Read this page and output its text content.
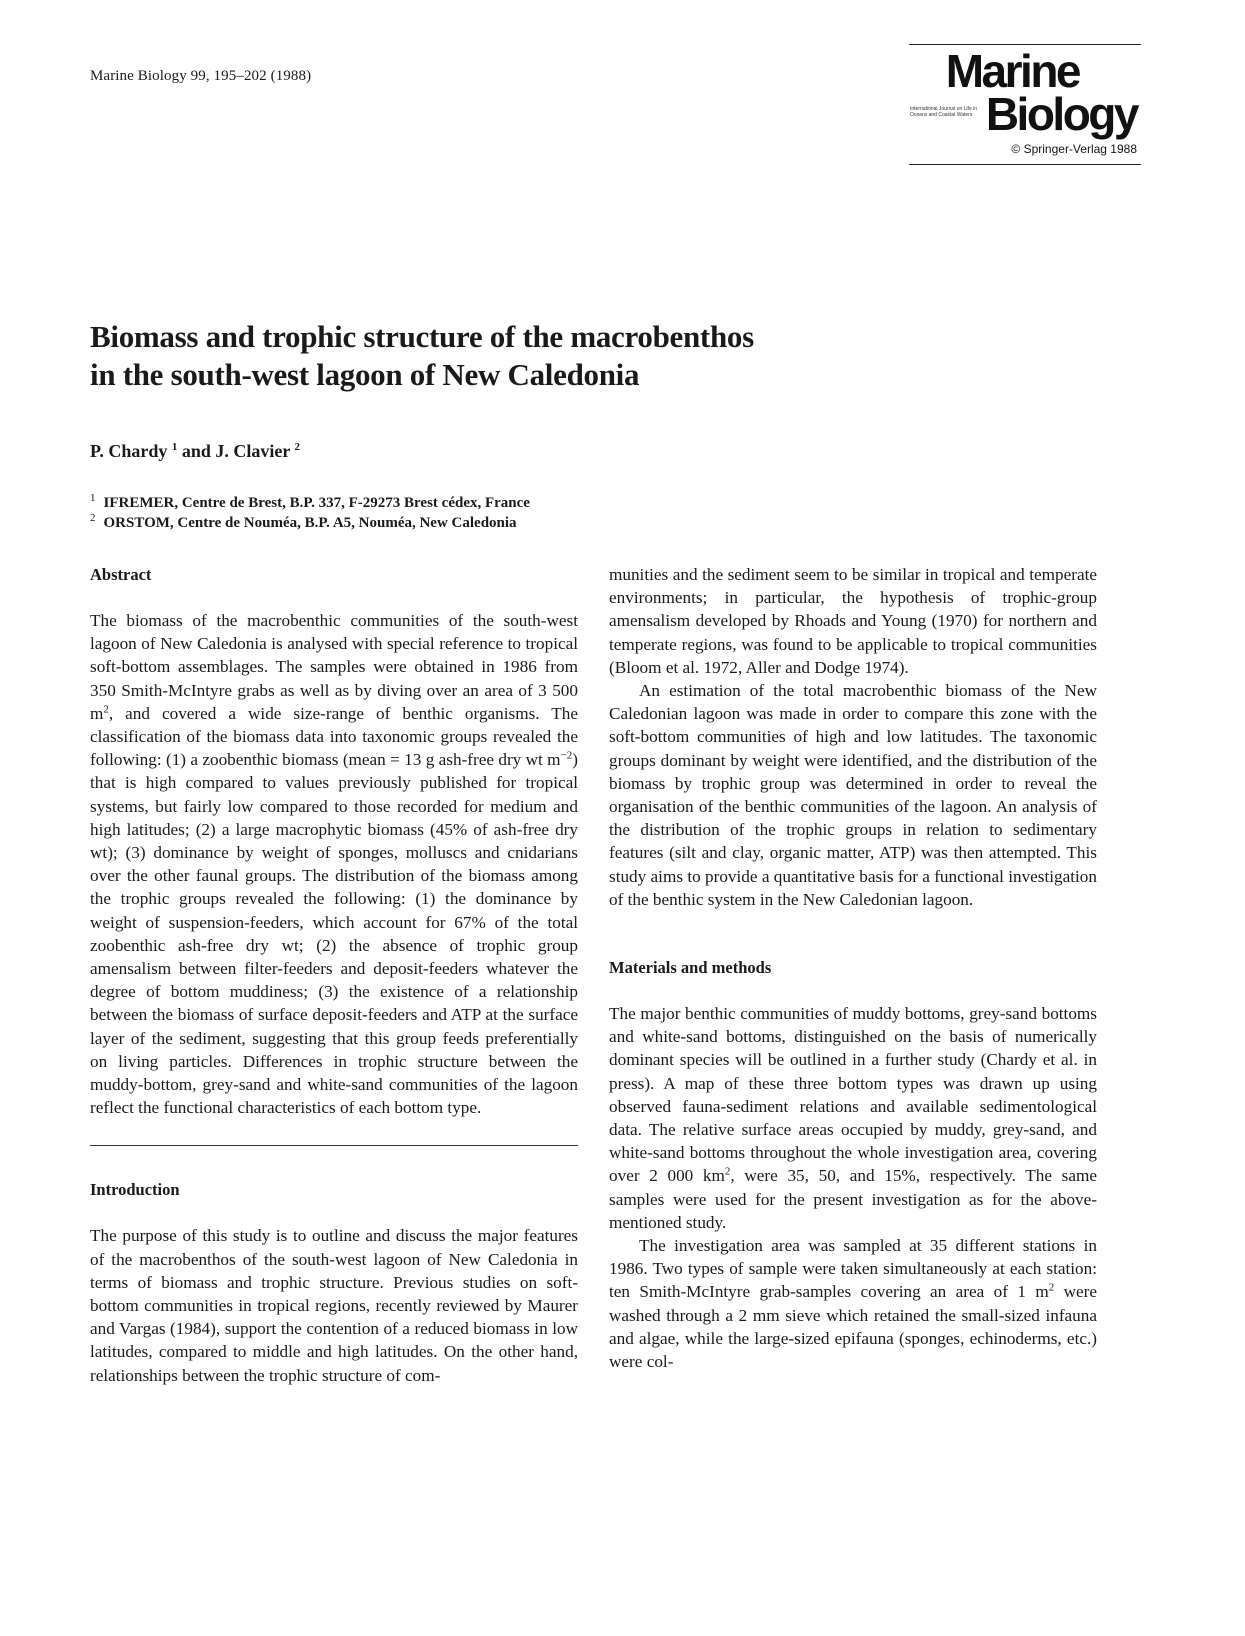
Marine Biology 99, 195–202 (1988)	Marine
International Journal on Life in Oceans and Coastal Waters Biology
© Springer-Verlag 1988
Biomass and trophic structure of the macrobenthos
in the south-west lagoon of New Caledonia
P. Chardy $^1$ and J. Clavier $^2$
$^1$ IFREMER, Centre de Brest, B.P. 337, F-29273 Brest cédex, France
$^2$ ORSTOM, Centre de Nouméa, B.P. A5, Nouméa, New Caledonia
Abstract

The biomass of the macrobenthic communities of the south-west lagoon of New Caledonia is analysed with special reference to tropical soft-bottom assemblages. The samples were obtained in 1986 from 350 Smith-McIntyre grabs as well as by diving over an area of 3 500 $m^2$, and covered a wide size-range of benthic organisms. The classification of the biomass data into taxonomic groups revealed the following: (1) a zoobenthic biomass (mean = 13 g ash-free dry wt $m^{-2}$) that is high compared to values previously published for tropical systems, but fairly low compared to those recorded for medium and high latitudes; (2) a large macrophytic biomass (45% of ash-free dry wt); (3) dominance by weight of sponges, molluscs and cnidarians over the other faunal groups. The distribution of the biomass among the trophic groups revealed the following: (1) the dominance by weight of suspension-feeders, which account for 67% of the total zoobenthic ash-free dry wt; (2) the absence of trophic group amensalism between filter-feeders and deposit-feeders whatever the degree of bottom muddiness; (3) the existence of a relationship between the biomass of surface deposit-feeders and ATP at the surface layer of the sediment, suggesting that this group feeds preferentially on living particles. Differences in trophic structure between the muddy-bottom, grey-sand and white-sand communities of the lagoon reflect the functional characteristics of each bottom type.

Introduction

The purpose of this study is to outline and discuss the major features of the macrobenthos of the south-west lagoon of New Caledonia in terms of biomass and trophic structure. Previous studies on soft-bottom communities in tropical regions, recently reviewed by Maurer and Vargas (1984), support the contention of a reduced biomass in low latitudes, compared to middle and high latitudes. On the other hand, relationships between the trophic structure of com-

munities and the sediment seem to be similar in tropical and temperate environments; in particular, the hypothesis of trophic-group amensalism developed by Rhoads and Young (1970) for northern and temperate regions, was found to be applicable to tropical communities (Bloom et al. 1972, Aller and Dodge 1974).

An estimation of the total macrobenthic biomass of the New Caledonian lagoon was made in order to compare this zone with the soft-bottom communities of high and low latitudes. The taxonomic groups dominant by weight were identified, and the distribution of the biomass by trophic group was determined in order to reveal the organisation of the benthic communities of the lagoon. An analysis of the distribution of the trophic groups in relation to sedimentary features (silt and clay, organic matter, ATP) was then attempted. This study aims to provide a quantitative basis for a functional investigation of the benthic system in the New Caledonian lagoon.

Materials and methods

The major benthic communities of muddy bottoms, grey-sand bottoms and white-sand bottoms, distinguished on the basis of numerically dominant species will be outlined in a further study (Chardy et al. in press). A map of these three bottom types was drawn up using observed fauna-sediment relations and available sedimentological data. The relative surface areas occupied by muddy, grey-sand, and white-sand bottoms throughout the whole investigation area, covering over 2 000 $km^2$, were 35, 50, and 15%, respectively. The same samples were used for the present investigation as for the above-mentioned study.

The investigation area was sampled at 35 different stations in 1986. Two types of sample were taken simultaneously at each station: ten Smith-McIntyre grab-samples covering an area of 1 $m^2$ were washed through a 2 mm sieve which retained the small-sized infauna and algae, while the large-sized epifauna (sponges, echinoderms, etc.) were col-
